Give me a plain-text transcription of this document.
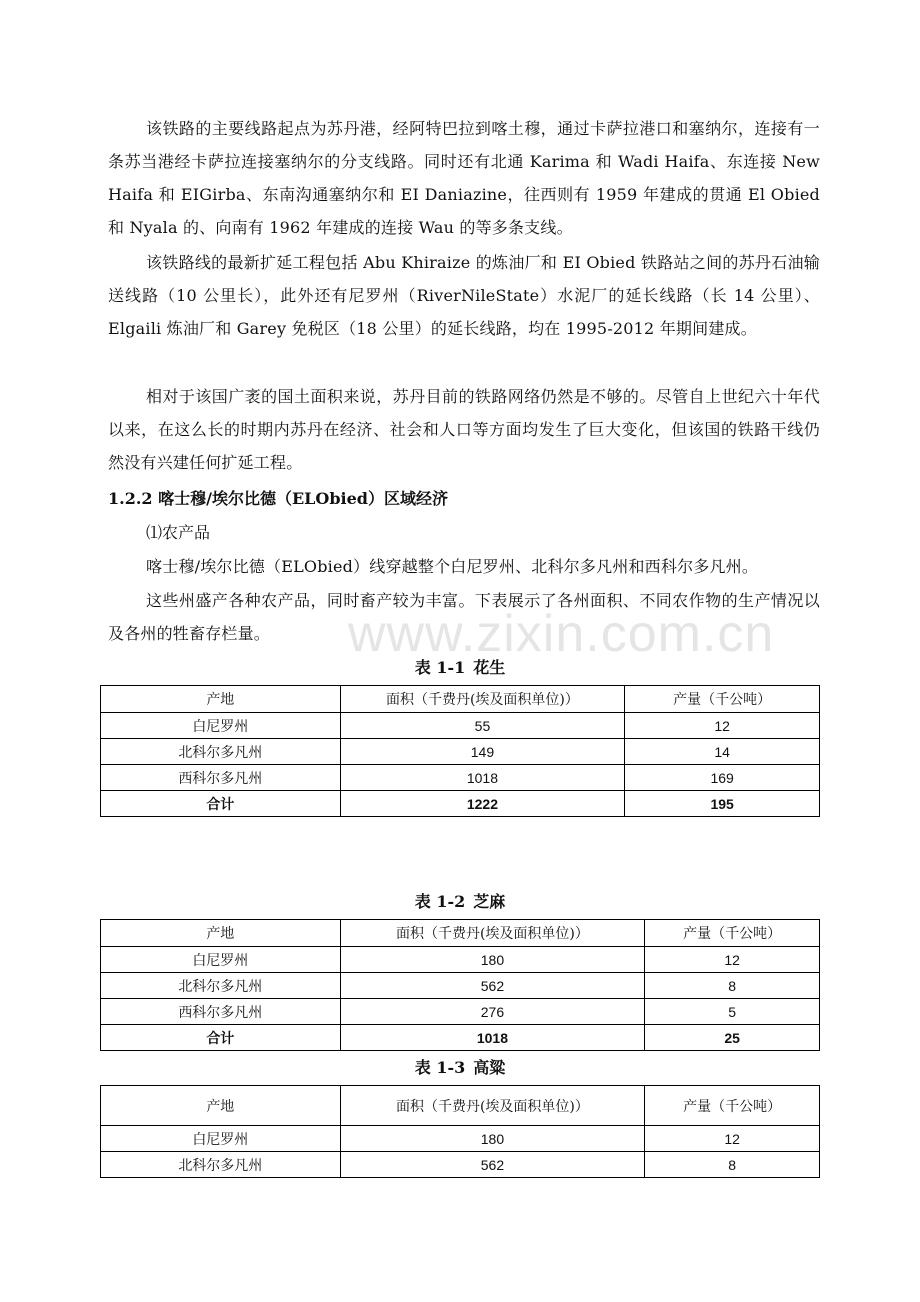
该铁路的主要线路起点为苏丹港，经阿特巴拉到喀土穆，通过卡萨拉港口和塞纳尔，连接有一条苏当港经卡萨拉连接塞纳尔的分支线路。同时还有北通 Karima 和 Wadi Haifa、东连接 New Haifa 和 EIGirba、东南沟通塞纳尔和 EI Daniazine，往西则有 1959 年建成的贯通 El Obied 和 Nyala 的、向南有 1962 年建成的连接 Wau 的等多条支线。

该铁路线的最新扩延工程包括 Abu Khiraize 的炼油厂和 EI Obied 铁路站之间的苏丹石油输送线路（10 公里长），此外还有尼罗州（RiverNileState）水泥厂的延长线路（长 14 公里）、Elgaili 炼油厂和 Garey 免税区（18 公里）的延长线路，均在 1995-2012 年期间建成。

相对于该国广袤的国土面积来说，苏丹目前的铁路网络仍然是不够的。尽管自上世纪六十年代以来，在这么长的时期内苏丹在经济、社会和人口等方面均发生了巨大变化，但该国的铁路干线仍然没有兴建任何扩延工程。

1.2.2 喀士穆/埃尔比德（ELObied）区域经济

⑴农产品

喀士穆/埃尔比德（ELObied）线穿越整个白尼罗州、北科尔多凡州和西科尔多凡州。

这些州盛产各种农产品，同时畜产较为丰富。下表展示了各州面积、不同农作物的生产情况以及各州的牲畜存栏量。	www.zixin.com.cn

表 1-1 花生

产地	面积（千费丹(埃及面积单位)）	产量（千公吨）
白尼罗州	55	12
北科尔多凡州	149	14
西科尔多凡州	1018	169
合计	1222	195

表 1-2 芝麻

产地	面积（千费丹(埃及面积单位)）	产量（千公吨）
白尼罗州	180	12
北科尔多凡州	562	8
西科尔多凡州	276	5
合计	1018	25

表 1-3 高粱

产地	面积（千费丹(埃及面积单位)）	产量（千公吨）
白尼罗州	180	12
北科尔多凡州	562	8
